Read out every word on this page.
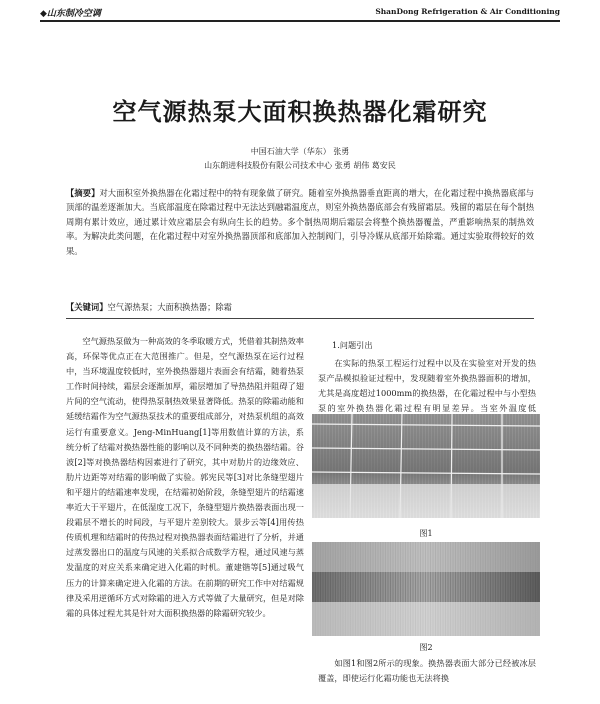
◆山东制冷空调	ShanDong Refrigeration & Air Conditioning
空气源热泵大面积换热器化霜研究
中国石油大学（华东） 张勇
山东朗进科技股份有限公司技术中心 张勇 胡伟 葛安民
【摘要】对大面积室外换热器在化霜过程中的特有现象做了研究。随着室外换热器垂直距离的增大，在化霜过程中换热器底部与顶部的温差逐渐加大。当底部温度在除霜过程中无法达到融霜温度点，则室外换热器底部会有残留霜层。残留的霜层在每个制热周期有累计效应，通过累计效应霜层会有纵向生长的趋势。多个制热周期后霜层会将整个换热器覆盖，严重影响热泵的制热效率。为解决此类问题，在化霜过程中对室外换热器顶部和底部加入控制阀门，引导冷媒从底部开始除霜。通过实验取得较好的效果。
【关键词】空气源热泵；大面积换热器；除霜

空气源热泵做为一种高效的冬季取暖方式，凭借着其制热效率高，环保等优点正在大范围推广。但是，空气源热泵在运行过程中，当环境温度较低时，室外换热器翅片表面会有结霜，随着热泵工作时间持续，霜层会逐渐加厚，霜层增加了导热热阻并阻碍了翅片间的空气流动，使得热泵制热效果显著降低。热泵的除霜动能和延缓结霜作为空气源热泵技术的重要组成部分，对热泵机组的高效运行有重要意义。Jeng-MinHuang[1]等用数值计算的方法，系统分析了结霜对换热器性能的影响以及不同种类的换热器结霜。谷波[2]等对换热器结构因素进行了研究，其中对肋片的边缘效应、肋片边距等对结霜的影响做了实验。郭宪民等[3]对比条缝型翅片和平翅片的结霜速率发现，在结霜初始阶段，条缝型翅片的结霜速率近大于平翅片，在低湿度工况下，条缝型翅片换热器表面出现一段霜层不增长的时间段，与平翅片差别较大。景步云等[4]用传热传质机理和结霜时的传热过程对换热器表面结霜进行了分析，并通过蒸发器出口的温度与风速的关系拟合成数学方程，通过风速与蒸发温度的对应关系来确定进入化霜的时机。董建锴等[5]通过吸气压力的计算来确定进入化霜的方法。在前期的研究工作中对结霜规律及采用逆循环方式对除霜的进入方式等做了大量研究，但是对除霜的具体过程尤其是针对大面积换热器的除霜研究较少。

1.问题引出

在实际的热泵工程运行过程中以及在实验室对开发的热泵产品模拟验证过程中，发现随着室外换热器面积的增加，尤其是高度超过1000mm的换热器，在化霜过程中与小型热泵的室外换热器化霜过程有明显差异。当室外温度低

图1
图2

如图1和图2所示的现象。换热器表面大部分已经被冰层覆盖，即使运行化霜功能也无法将换
